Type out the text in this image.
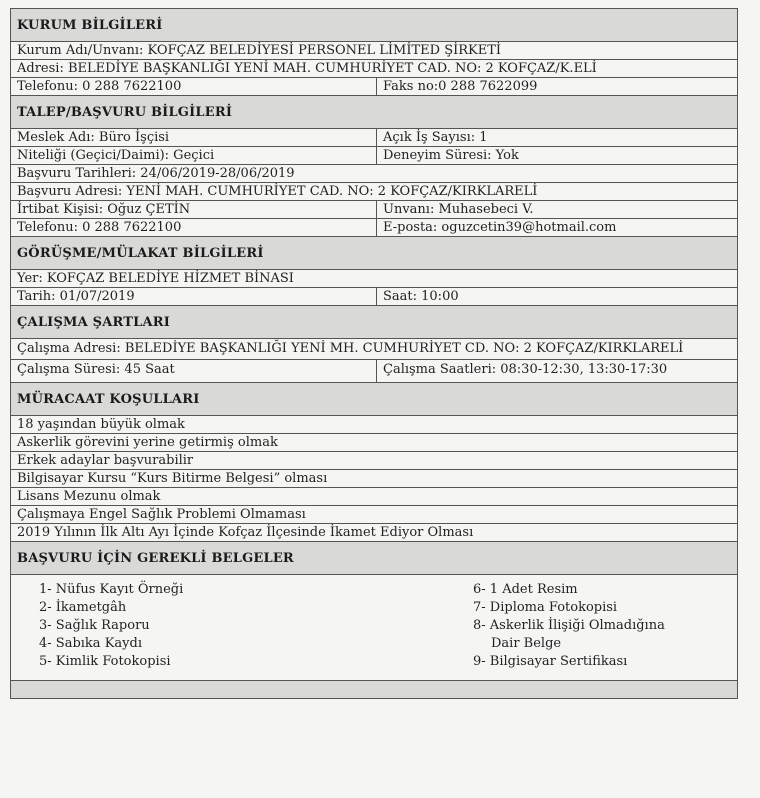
KURUM BİLGİLERİ
Kurum Adı/Unvanı: KOFÇAZ BELEDİYESİ PERSONEL LİMİTED ŞİRKETİ
Adresi: BELEDİYE BAŞKANLIĞI YENİ MAH. CUMHURİYET CAD. NO: 2 KOFÇAZ/K.ELİ
Telefonu: 0 288 7622100	Faks no:0 288 7622099
TALEP/BAŞVURU BİLGİLERİ
Meslek Adı: Büro İşçisi	Açık İş Sayısı: 1
Niteliği (Geçici/Daimi): Geçici	Deneyim Süresi: Yok
Başvuru Tarihleri: 24/06/2019-28/06/2019
Başvuru Adresi: YENİ MAH. CUMHURİYET CAD. NO: 2 KOFÇAZ/KIRKLARELİ
İrtibat Kişisi: Oğuz ÇETİN	Unvanı: Muhasebeci V.
Telefonu: 0 288 7622100	E-posta: oguzcetin39@hotmail.com
GÖRÜŞME/MÜLAKAT BİLGİLERİ
Yer: KOFÇAZ BELEDİYE HİZMET BİNASI
Tarih: 01/07/2019	Saat: 10:00
ÇALIŞMA ŞARTLARI
Çalışma Adresi: BELEDİYE BAŞKANLIĞI YENİ MH. CUMHURİYET CD. NO: 2 KOFÇAZ/KIRKLARELİ
Çalışma Süresi: 45 Saat	Çalışma Saatleri: 08:30-12:30, 13:30-17:30
MÜRACAAT KOŞULLARI
18 yaşından büyük olmak
Askerlik görevini yerine getirmiş olmak
Erkek adaylar başvurabilir
Bilgisayar Kursu “Kurs Bitirme Belgesi” olması
Lisans Mezunu olmak
Çalışmaya Engel Sağlık Problemi Olmaması
2019 Yılının İlk Altı Ayı İçinde Kofçaz İlçesinde İkamet Ediyor Olması
BAŞVURU İÇİN GEREKLİ BELGELER
1- Nüfus Kayıt Örneği
2- İkametgâh
3- Sağlık Raporu
4- Sabıka Kaydı
5- Kimlik Fotokopisi
6- 1 Adet Resim
7- Diploma Fotokopisi
8- Askerlik İlişiği Olmadığına
Dair Belge
9- Bilgisayar Sertifikası
